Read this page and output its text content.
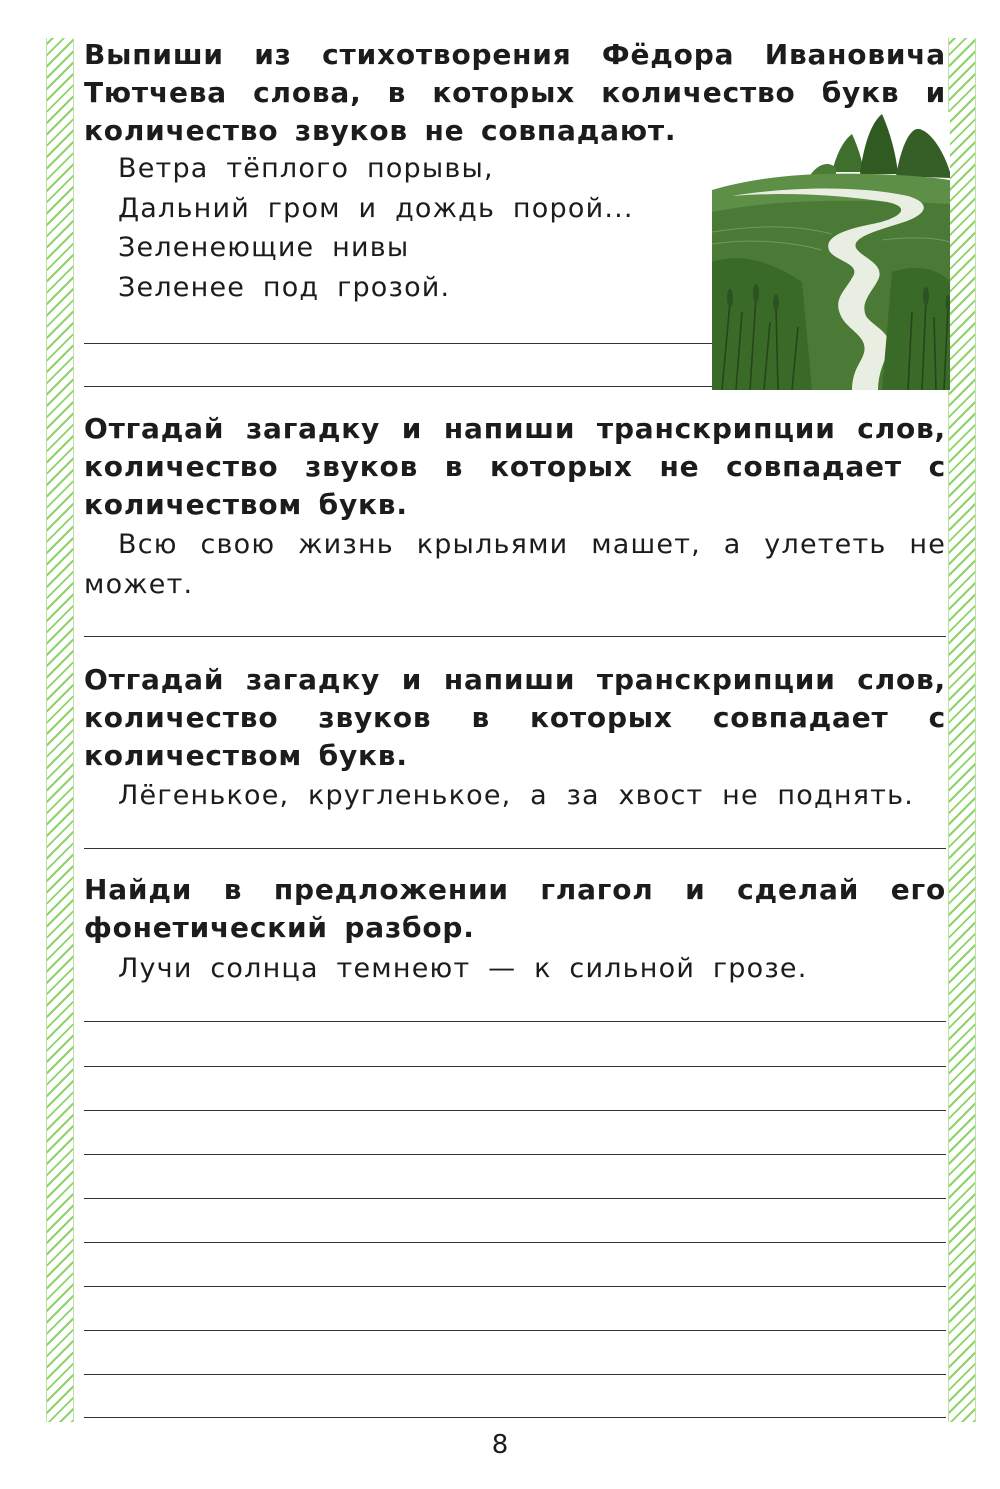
Выпиши из стихотворения Фёдора Ивановича Тютчева слова, в которых количество букв и количество звуков не совпадают.

Ветра тёплого порывы,
Дальний гром и дождь порой...
Зеленеющие нивы
Зеленее под грозой.

Отгадай загадку и напиши транскрипции слов, количество звуков в которых не совпадает с количеством букв.

Всю свою жизнь крыльями машет, а улететь не
может.

Отгадай загадку и напиши транскрипции слов, количество звуков в которых совпадает с количеством букв.

Лёгенькое, кругленькое, а за хвост не поднять.

Найди в предложении глагол и сделай его фонетический разбор.

Лучи солнца темнеют — к сильной грозе.
8
